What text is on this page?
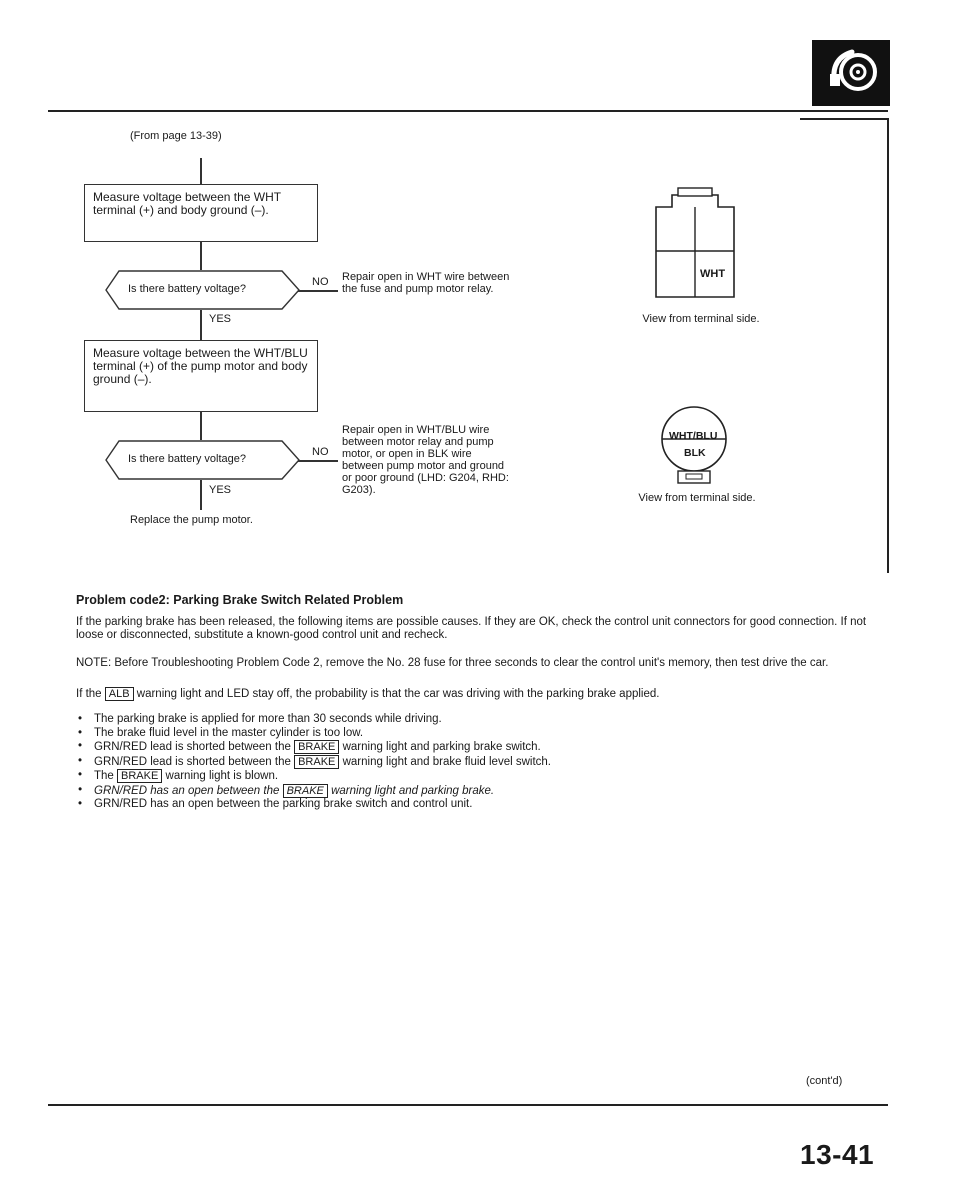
(From page 13-39)
Measure voltage between the WHT terminal (+) and body ground (–).
Is there battery voltage?
NO Repair open in WHT wire between the fuse and pump motor relay.
YES
Measure voltage between the WHT/BLU terminal (+) of the pump motor and body ground (–).
Is there battery voltage?
NO
Repair open in WHT/BLU wire between motor relay and pump motor, or open in BLK wire between pump motor and ground or poor ground (LHD: G204, RHD: G203).
YES
Replace the pump motor.
WHT
View from terminal side.
WHT/BLU
BLK
View from terminal side.
Problem code2: Parking Brake Switch Related Problem
If the parking brake has been released, the following items are possible causes. If they are OK, check the control unit connectors for good connection. If not loose or disconnected, substitute a known-good control unit and recheck.
NOTE: Before Troubleshooting Problem Code 2, remove the No. 28 fuse for three seconds to clear the control unit's memory, then test drive the car.
If the ALB warning light and LED stay off, the probability is that the car was driving with the parking brake applied.
• The parking brake is applied for more than 30 seconds while driving.
• The brake fluid level in the master cylinder is too low.
• GRN/RED lead is shorted between the BRAKE warning light and parking brake switch.
• GRN/RED lead is shorted between the BRAKE warning light and brake fluid level switch.
• The BRAKE warning light is blown.
• GRN/RED has an open between the BRAKE warning light and parking brake.
• GRN/RED has an open between the parking brake switch and control unit.
(cont'd)
13-41
